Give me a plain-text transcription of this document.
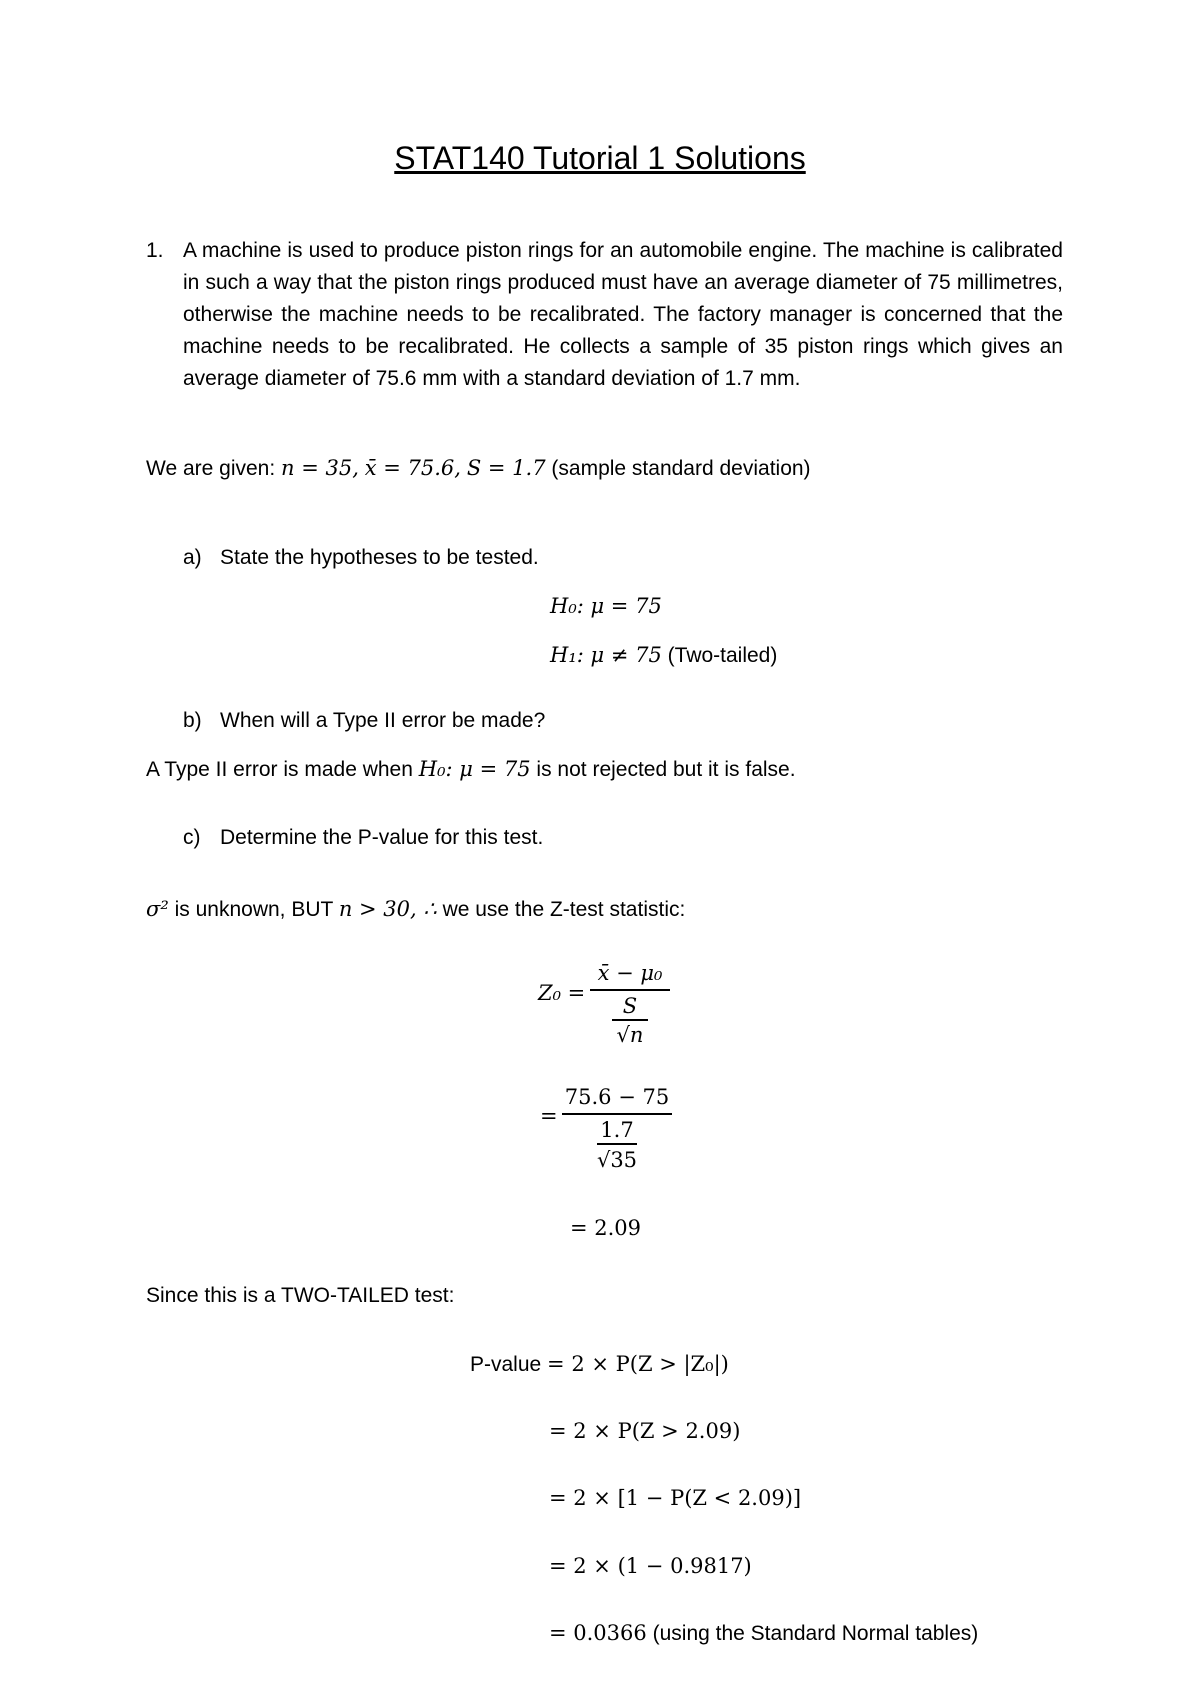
STAT140 Tutorial 1 Solutions
1. A machine is used to produce piston rings for an automobile engine. The machine is calibrated in such a way that the piston rings produced must have an average diameter of 75 millimetres, otherwise the machine needs to be recalibrated. The factory manager is concerned that the machine needs to be recalibrated. He collects a sample of 35 piston rings which gives an average diameter of 75.6 mm with a standard deviation of 1.7 mm.
We are given: n = 35, x̄ = 75.6, S = 1.7 (sample standard deviation)
a) State the hypotheses to be tested.
H₀: μ = 75
H₁: μ ≠ 75 (Two-tailed)
b) When will a Type II error be made?
A Type II error is made when H₀: μ = 75 is not rejected but it is false.
c) Determine the P-value for this test.
σ² is unknown, BUT n > 30, ∴ we use the Z-test statistic:
Z₀ =
x̄ − μ₀
S
√n
=
75.6 − 75
1.7
√35
= 2.09
Since this is a TWO-TAILED test:
P-value = 2 × P(Z > |Z₀|)
= 2 × P(Z > 2.09)
= 2 × [1 − P(Z < 2.09)]
= 2 × (1 − 0.9817)
= 0.0366 (using the Standard Normal tables)
